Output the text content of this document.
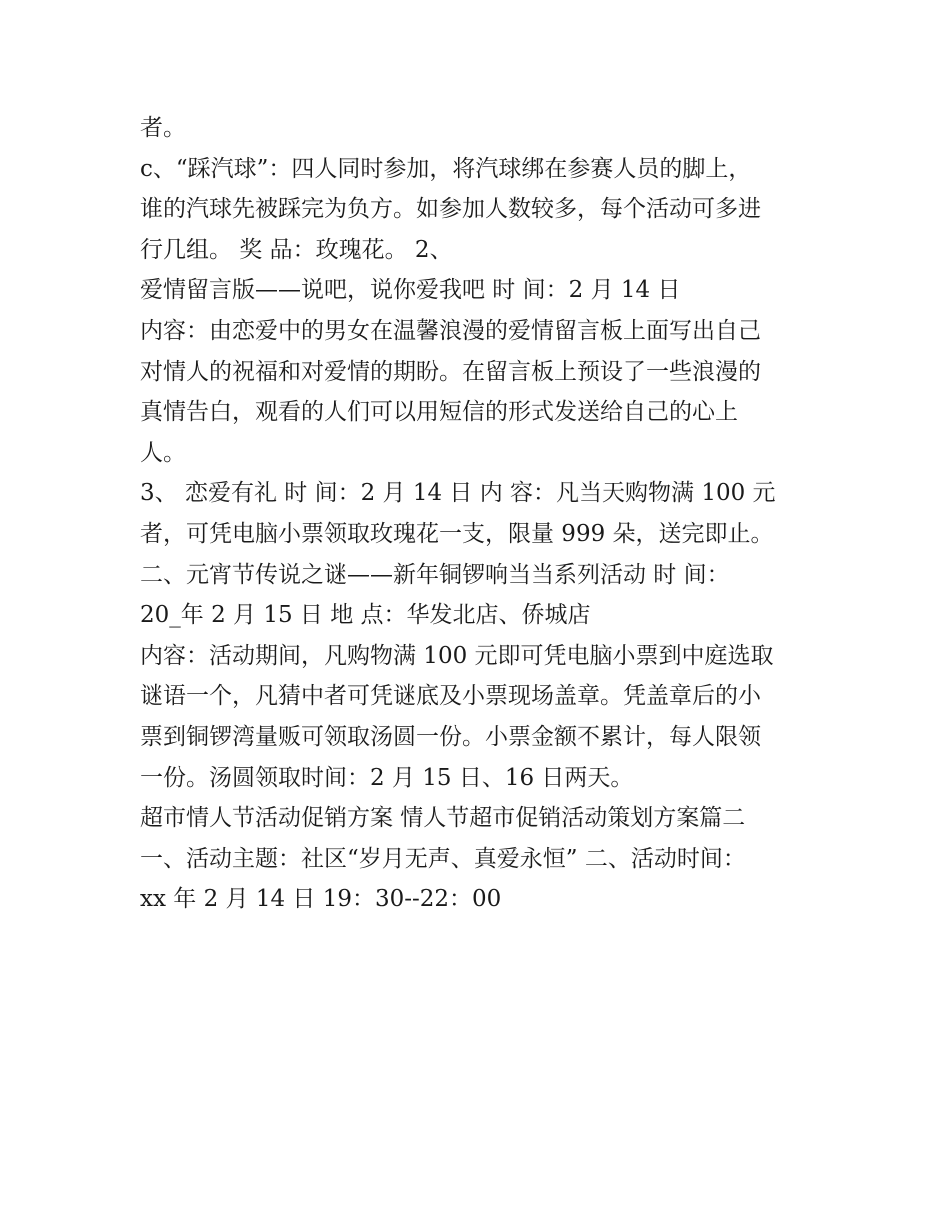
者。

c、“踩汽球”：四人同时参加，将汽球绑在参赛人员的脚上，

谁的汽球先被踩完为负方。如参加人数较多，每个活动可多进

行几组。 奖 品：玫瑰花。 2、

爱情留言版——说吧，说你爱我吧 时 间：2 月 14 日

内容：由恋爱中的男女在温馨浪漫的爱情留言板上面写出自己

对情人的祝福和对爱情的期盼。在留言板上预设了一些浪漫的

真情告白，观看的人们可以用短信的形式发送给自己的心上

人。

3、 恋爱有礼 时 间：2 月 14 日 内 容：凡当天购物满 100 元

者，可凭电脑小票领取玫瑰花一支，限量 999 朵，送完即止。

二、元宵节传说之谜——新年铜锣响当当系列活动 时 间：

20_年 2 月 15 日 地 点：华发北店、侨城店

内容：活动期间，凡购物满 100 元即可凭电脑小票到中庭选取

谜语一个，凡猜中者可凭谜底及小票现场盖章。凭盖章后的小

票到铜锣湾量贩可领取汤圆一份。小票金额不累计，每人限领

一份。汤圆领取时间：2 月 15 日、16 日两天。

超市情人节活动促销方案 情人节超市促销活动策划方案篇二

一、活动主题：社区“岁月无声、真爱永恒” 二、活动时间：

xx 年 2 月 14 日 19：30--22：00
